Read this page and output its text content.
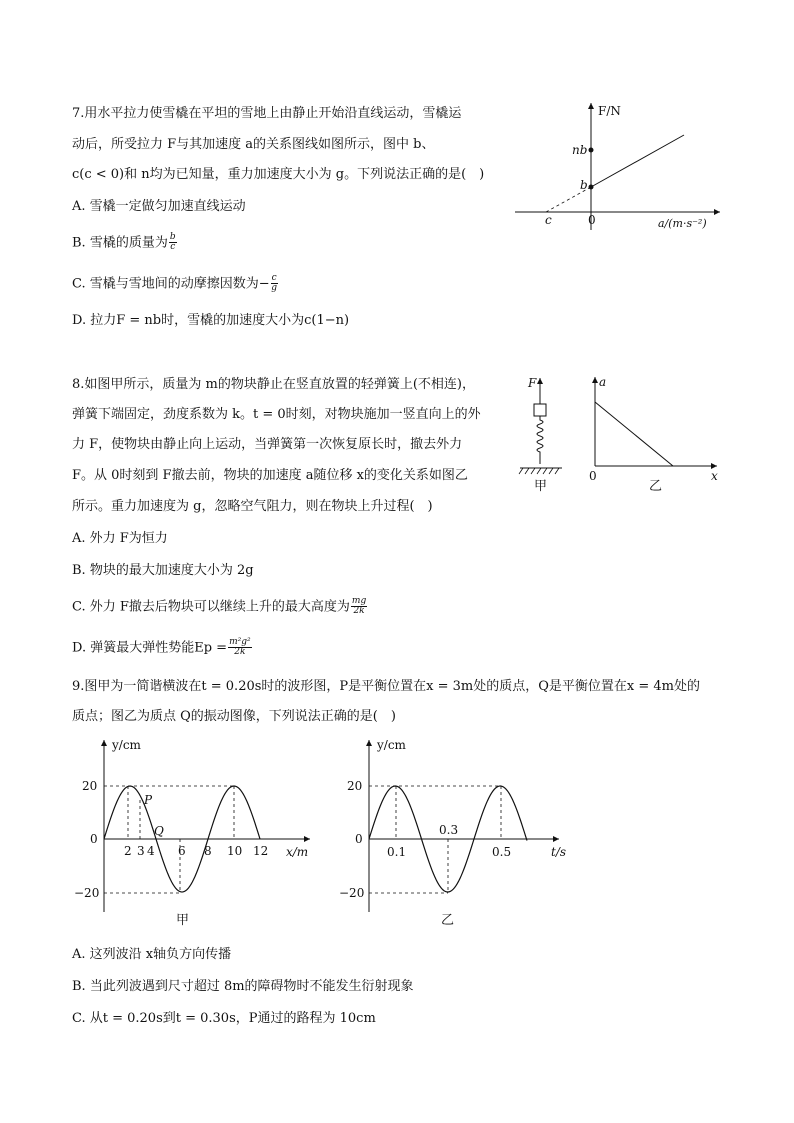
7.用水平拉力使雪橇在平坦的雪地上由静止开始沿直线运动，雪橇运
动后，所受拉力 F与其加速度 a的关系图线如图所示，图中 b、
c(c < 0)和 n均为已知量，重力加速度大小为 g。下列说法正确的是(　)
A. 雪橇一定做匀加速直线运动
B. 雪橇的质量为 $\frac{b}{c}$
C. 雪橇与雪地间的动摩擦因数为− $\frac{c}{g}$
D. 拉力F = nb时，雪橇的加速度大小为c(1−n)
F/N
a/(m·s⁻²)
nb
b
c	0
8.如图甲所示，质量为 m的物块静止在竖直放置的轻弹簧上(不相连)，
弹簧下端固定，劲度系数为 k。t = 0时刻，对物块施加一竖直向上的外
力 F，使物块由静止向上运动，当弹簧第一次恢复原长时，撤去外力
F。从 0时刻到 F撤去前，物块的加速度 a随位移 x的变化关系如图乙
所示。重力加速度为 g，忽略空气阻力，则在物块上升过程(　)
A. 外力 F为恒力
B. 物块的最大加速度大小为 2g
C. 外力 F撤去后物块可以继续上升的最大高度为 $\frac{mg}{2k}$
D. 弹簧最大弹性势能$Ep = \frac{\text{m²g²}}{2k}$
F
甲
a
x
0
乙
9.图甲为一简谐横波在t = 0.20s时的波形图，P是平衡位置在x = 3m处的质点，Q是平衡位置在x = 4m处的
质点；图乙为质点 Q的振动图像，下列说法正确的是(　)
y/cm
x/m
20
0
−20
P
Q
2 3 4 6 8 10 12
甲
y/cm
t/s
20
0
−20
0.1
0.3
0.5
乙
A. 这列波沿 x轴负方向传播
B. 当此列波遇到尺寸超过 8m的障碍物时不能发生衍射现象
C. 从t = 0.20s到t = 0.30s，P通过的路程为 10cm
